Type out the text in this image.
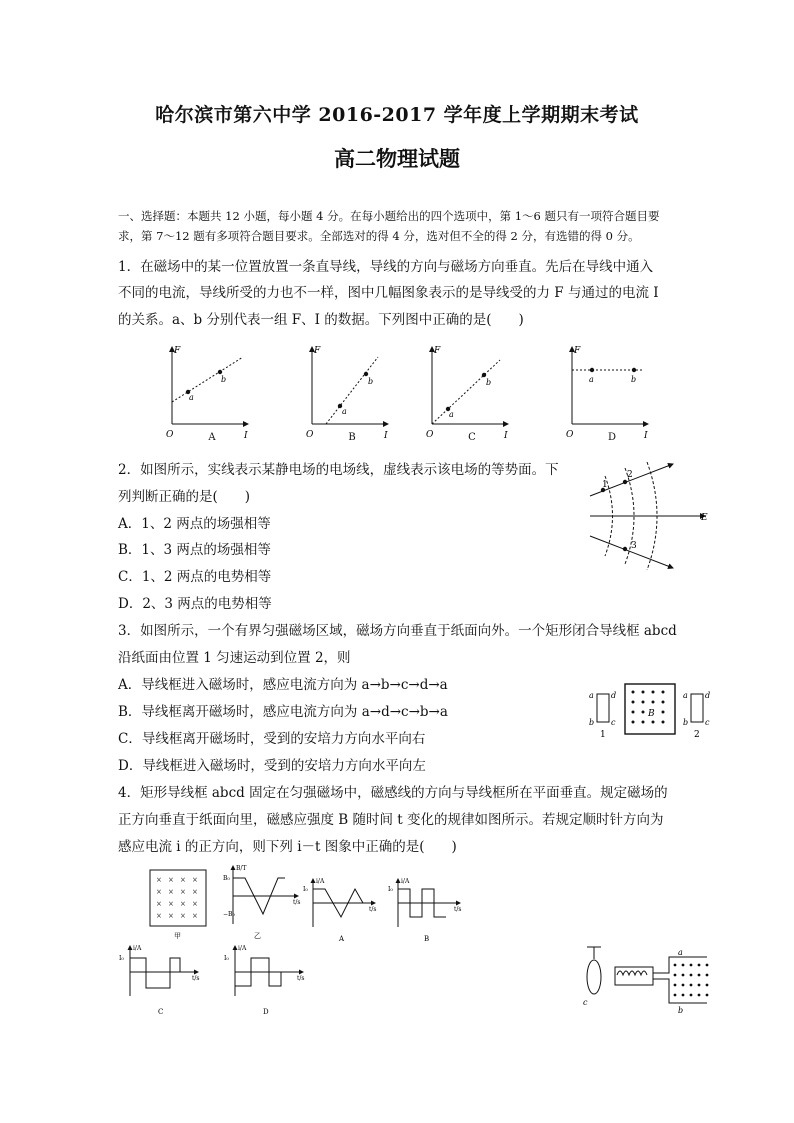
哈尔滨市第六中学 2016-2017 学年度上学期期末考试
高二物理试题
一、选择题：本题共 12 小题，每小题 4 分。在每小题给出的四个选项中，第 1～6 题只有一项符合题目要
求，第 7～12 题有多项符合题目要求。全部选对的得 4 分，选对但不全的得 2 分，有选错的得 0 分。
1．在磁场中的某一位置放置一条直导线，导线的方向与磁场方向垂直。先后在导线中通入
不同的电流，导线所受的力也不一样，图中几幅图象表示的是导线受的力 F 与通过的电流 I
的关系。a、b 分别代表一组 F、I 的数据。下列图中正确的是(　　)
F
I
O
a
b
F
I
O
a
b
F
I
O
a
b
F
I
O
a	b
A	B	C	D
2．如图所示，实线表示某静电场的电场线，虚线表示该电场的等势面。下
列判断正确的是(　　)
A．1、2 两点的场强相等
B．1、3 两点的场强相等
C．1、2 两点的电势相等
D．2、3 两点的电势相等
1
2
3
E
3．如图所示，一个有界匀强磁场区域，磁场方向垂直于纸面向外。一个矩形闭合导线框 abcd
沿纸面由位置 1 匀速运动到位置 2，则
A．导线框进入磁场时，感应电流方向为 a→b→c→d→a
B．导线框离开磁场时，感应电流方向为 a→d→c→b→a
C．导线框离开磁场时，受到的安培力方向水平向右
D．导线框进入磁场时，受到的安培力方向水平向左
a
b
d
c
1
B
a
b
d
c
2
4．矩形导线框 abcd 固定在匀强磁场中，磁感线的方向与导线框所在平面垂直。规定磁场的
正方向垂直于纸面向里，磁感应强度 B 随时间 t 变化的规律如图所示。若规定顺时针方向为
感应电流 i 的正方向，则下列 i－t 图象中正确的是(　　)
× × × ×
× × × ×
× × × ×
× × × ×
甲
B/T
B₀
−B₀
t/s
乙
i/A
I₀
t/s
A
i/A
I₀
t/s
B
i/A
I₀
t/s
C
i/A
I₀
t/s
D
c
a
b
